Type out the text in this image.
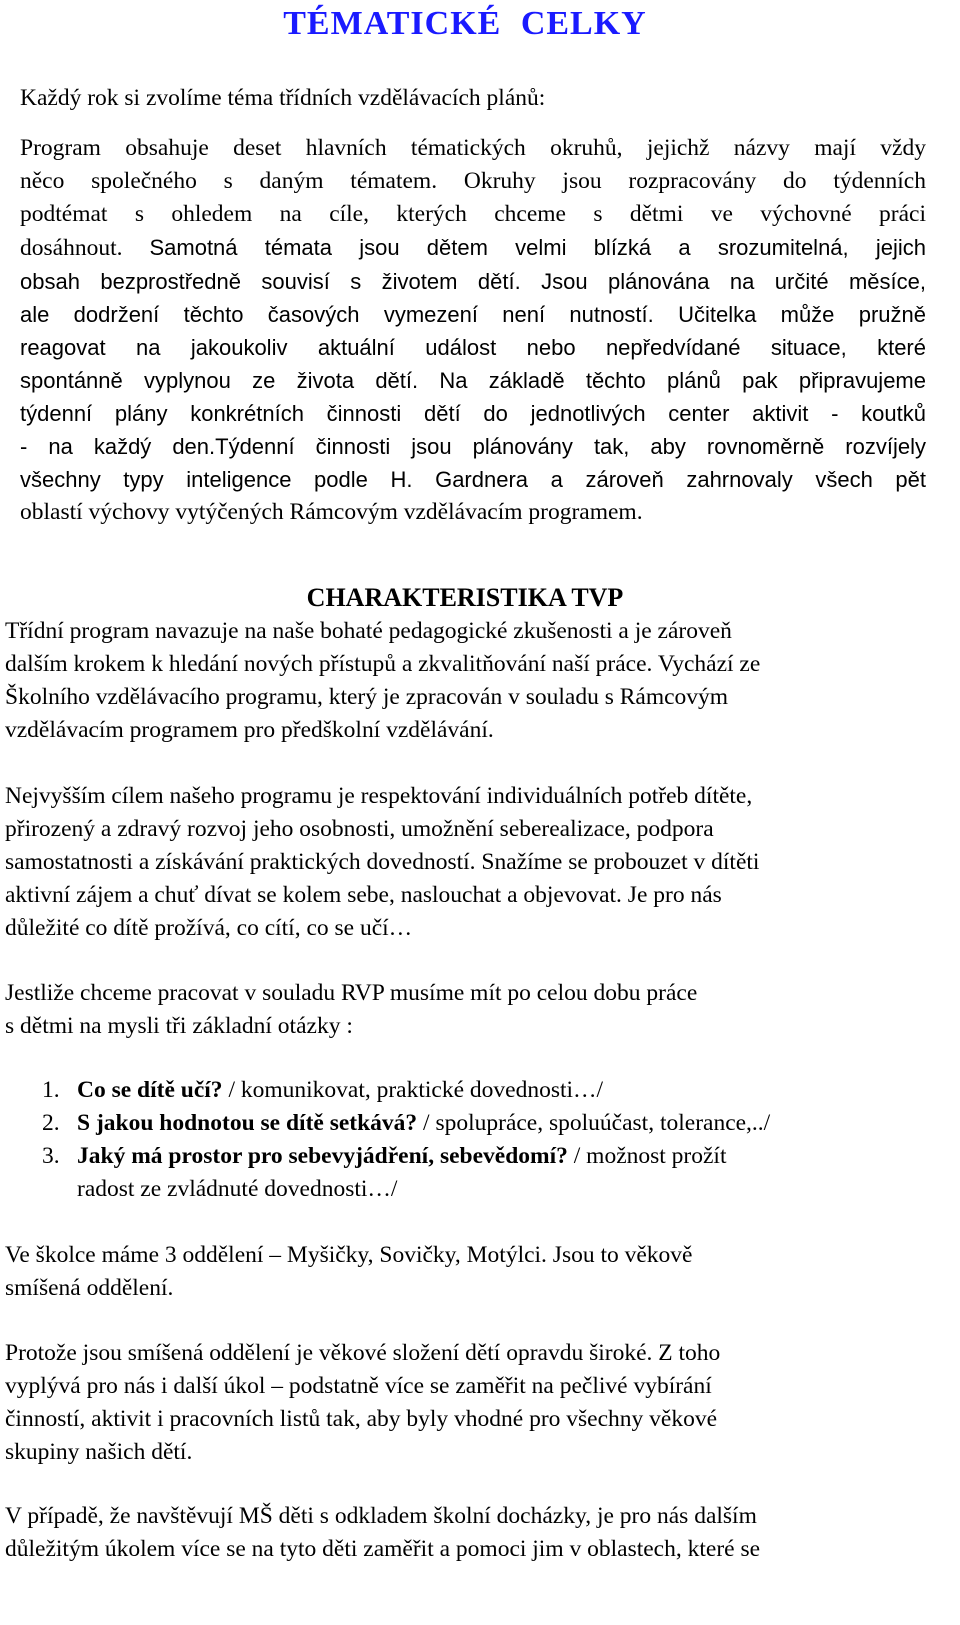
TÉMATICKÉ CELKY

Každý rok si zvolíme téma třídních vzdělávacích plánů:

Program obsahuje deset hlavních tématických okruhů, jejichž názvy mají vždy
něco společného s daným tématem. Okruhy jsou rozpracovány do týdenních
podtémat s ohledem na cíle, kterých chceme s dětmi ve výchovné práci
dosáhnout. Samotná témata jsou dětem velmi blízká a srozumitelná, jejich
obsah bezprostředně souvisí s životem dětí. Jsou plánována na určité měsíce,
ale dodržení těchto časových vymezení není nutností. Učitelka může pružně
reagovat na jakoukoliv aktuální událost nebo nepředvídané situace, které
spontánně vyplynou ze života dětí. Na základě těchto plánů pak připravujeme
týdenní plány konkrétních činnosti dětí do jednotlivých center aktivit - koutků
- na každý den.Týdenní činnosti jsou plánovány tak, aby rovnoměrně rozvíjely
všechny typy inteligence podle H. Gardnera a zároveň zahrnovaly všech pět
oblastí výchovy vytýčených Rámcovým vzdělávacím programem.
CHARAKTERISTIKA TVP
Třídní program navazuje na naše bohaté pedagogické zkušenosti a je zároveň
dalším krokem k hledání nových přístupů a zkvalitňování naší práce. Vychází ze
Školního vzdělávacího programu, který je zpracován v souladu s Rámcovým
vzdělávacím programem pro předškolní vzdělávání.
Nejvyšším cílem našeho programu je respektování individuálních potřeb dítěte,
přirozený a zdravý rozvoj jeho osobnosti, umožnění seberealizace, podpora
samostatnosti a získávání praktických dovedností. Snažíme se probouzet v dítěti
aktivní zájem a chuť dívat se kolem sebe, naslouchat a objevovat. Je pro nás
důležité co dítě prožívá, co cítí, co se učí…
Jestliže chceme pracovat v souladu RVP musíme mít po celou dobu práce
s dětmi na mysli tři základní otázky :
1. Co se dítě učí? / komunikovat, praktické dovednosti…/
2. S jakou hodnotou se dítě setkává? / spolupráce, spoluúčast, tolerance,../
3. Jaký má prostor pro sebevyjádření, sebevědomí? / možnost prožít
radost ze zvládnuté dovednosti…/
Ve školce máme 3 oddělení – Myšičky, Sovičky, Motýlci. Jsou to věkově
smíšená oddělení.
Protože jsou smíšená oddělení je věkové složení dětí opravdu široké. Z toho
vyplývá pro nás i další úkol – podstatně více se zaměřit na pečlivé vybírání
činností, aktivit i pracovních listů tak, aby byly vhodné pro všechny věkové
skupiny našich dětí.
V případě, že navštěvují MŠ děti s odkladem školní docházky, je pro nás dalším
důležitým úkolem více se na tyto děti zaměřit a pomoci jim v oblastech, které se
